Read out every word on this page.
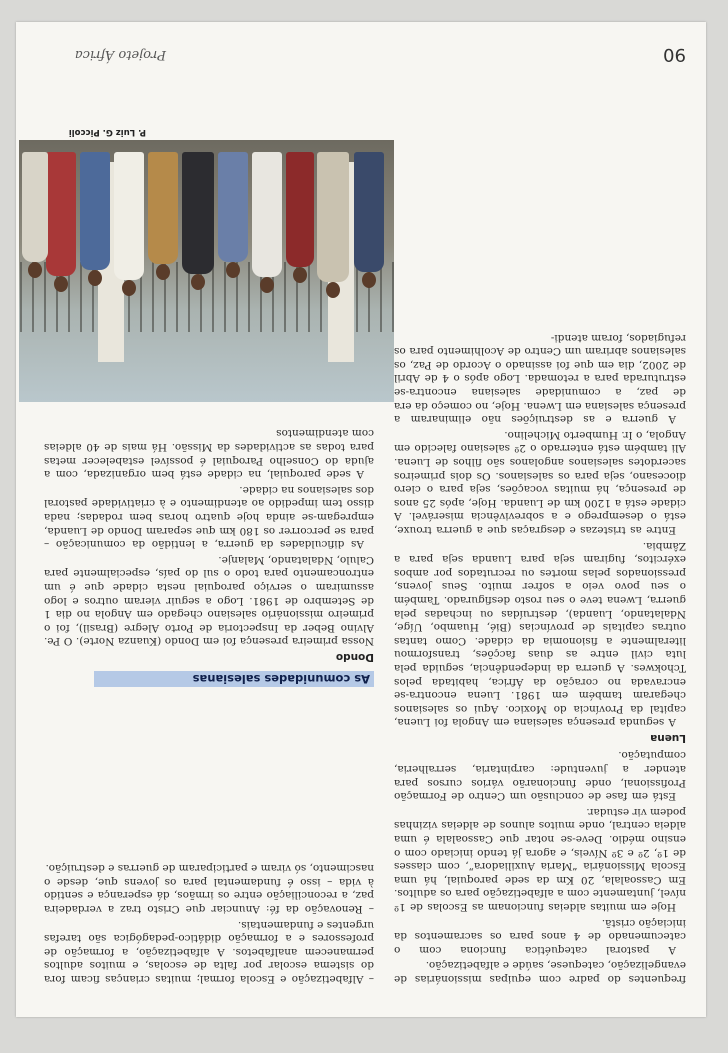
frequentes do padre com equipas missionárias de evangelização, catequese, saúde e alfabetização.

A pastoral catequética funciona com o catecumenado de 4 anos para os sacramentos da iniciação cristã.

Hoje em muitas aldeias funcionam as Escolas de 1º nível, juntamente com a alfabetização para os adultos. Em Cassoalala, 20 Km da sede paroquial, há uma Escola Missionária “Maria Auxiliadora”, com classes de 1º, 2º e 3º Níveis, e agora já tendo iniciado com o ensino médio. Deve-se notar que Cassoalala é uma aldeia central, onde muitos alunos de aldeias vizinhas podem vir estudar.

Está em fase de conclusão um Centro de Formação Profissional, onde funcionarão vários cursos para atender a juventude: carpintaria, serralheria, computação.

Luena

A segunda presença salesiana em Angola foi Luena, capital da Província do Moxico. Aqui os salesianos chegaram também em 1981. Luena encontra-se encravada no coração da África, habitada pelos Tchokwes. A guerra da independência, seguida pela luta civil entre as duas facções, transformou literalmente a fisionomia da cidade. Como tantas outras capitais de províncias (Bié, Huambo, Uíge, Ndalatando, Luanda), destruídas ou inchadas pela guerra, Lwena teve o seu rosto desfigurado. Também o seu povo veio a sofrer muito. Seus jovens, pressionados pelas mortes ou recrutados por ambos exércitos, fugiram seja para Luanda seja para a Zâmbia.

Entre as tristezas e desgraças que a guerra trouxe, está o desemprego e a sobrevivência miserável. A cidade está a 1200 km de Luanda. Hoje, após 25 anos de presença, há muitas vocações, seja para o clero diocesano, seja para os salesianos. Os dois primeiros sacerdotes salesianos angolanos são filhos de Luena. Ali também está enterrado o 2º salesiano falecido em Angola, o Ir. Humberto Michelino.

A guerra e as destruições não eliminaram a presença salesiana em Lwena. Hoje, no começo da era de paz, a comunidade salesiana encontra-se estruturada para a retomada. Logo após o 4 de Abril de 2002, dia em que foi assinado o Acordo de Paz, os salesianos abriram um Centro de Acolhimento para os refugiados, foram atendi-

– Alfabetização e Escola formal; muitas crianças ficam fora do sistema escolar por falta de escolas, e muitos adultos permanecem analfabetos. A alfabetização, a formação de professores e a formação didático-pedagógica são tarefas urgentes e fundamentais.

– Renovação da fé: Anunciar que Cristo traz a verdadeira paz, a reconciliação entre os irmãos, dá esperança e sentido à vida – isso é fundamental para os jovens que, desde o nascimento, só viram e participaram de guerras e destruição.

As comunidades salesianas
Dondo

Nossa primeira presença foi em Dondo (Kuanza Norte). O Pe. Alvino Beber da Inspectoria de Porto Alegre (Brasil), foi o primeiro missionário salesiano chegado em Angola no dia 1 de Setembro de 1981. Logo a seguir vieram outros e logo assumiram o serviço paroquial nesta cidade que é um entroncamento para todo o sul do país, especialmente para Calulo, Ndalatando, Malanje.

As dificuldades da guerra, a lentidão da comunicação – para se percorrer os 180 km que separam Dondo de Luanda, empregam-se ainda hoje quatro horas bem rodadas; nada disso tem impedido ao atendimento e à criatividade pastoral dos salesianos na cidade.

A sede paroquial, na cidade está bem organizada, com a ajuda do Conselho Paroquial é possível estabelecer metas para todas as actividades da Missão. Há mais de 40 aldeias com atendimentos

P. Luiz G. Piccoli
Projeto África	90
